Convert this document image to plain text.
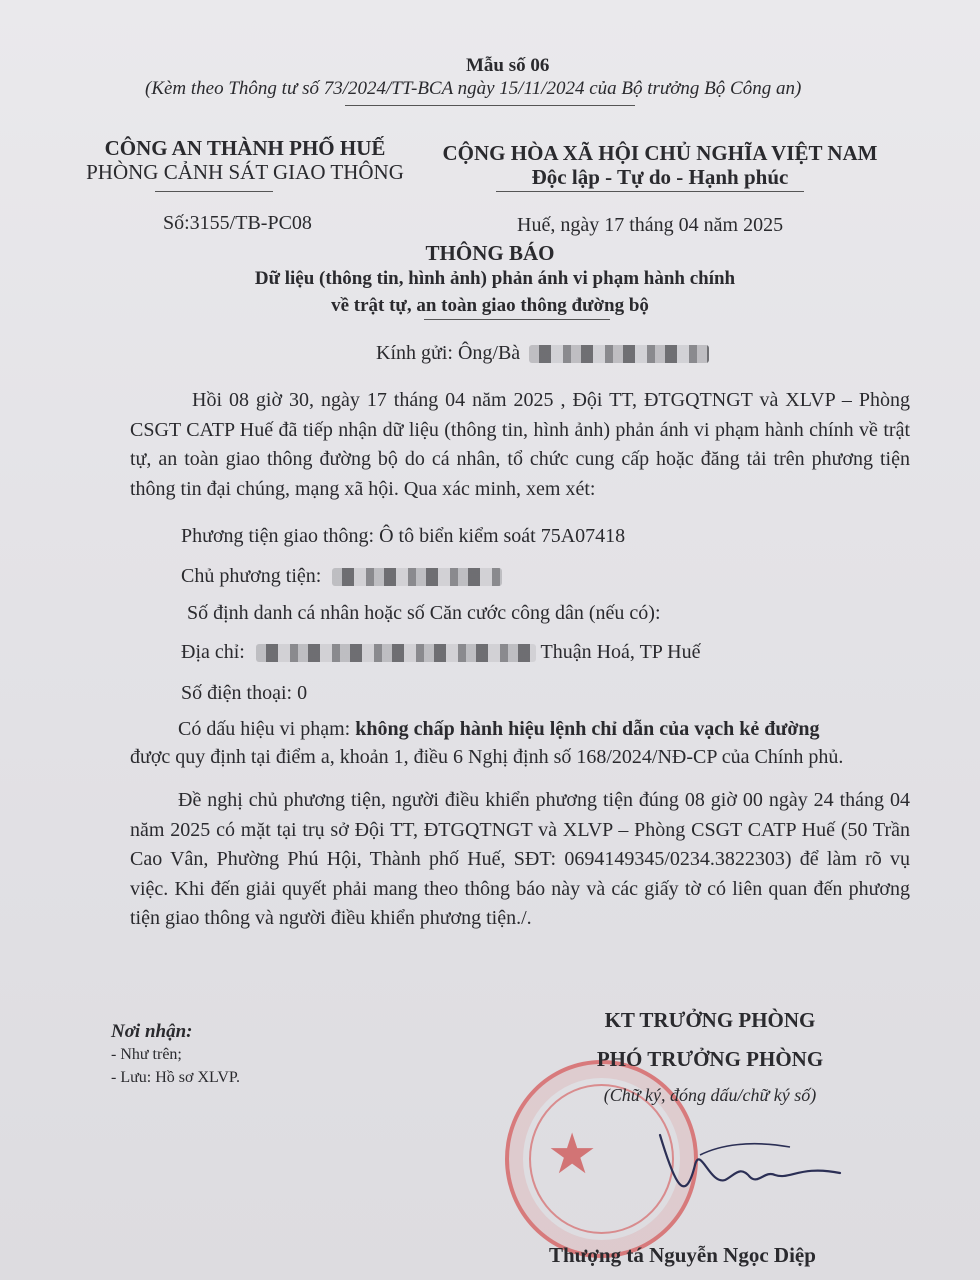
Mẫu số 06
(Kèm theo Thông tư số 73/2024/TT-BCA ngày 15/11/2024 của Bộ trưởng Bộ Công an)
CÔNG AN THÀNH PHỐ HUẾ
PHÒNG CẢNH SÁT GIAO THÔNG
Số:3155/TB-PC08
CỘNG HÒA XÃ HỘI CHỦ NGHĨA VIỆT NAM
Độc lập - Tự do - Hạnh phúc
Huế, ngày 17 tháng 04 năm 2025
THÔNG BÁO
Dữ liệu (thông tin, hình ảnh) phản ánh vi phạm hành chính
về trật tự, an toàn giao thông đường bộ
Kính gửi: Ông/Bà
Hồi 08 giờ 30, ngày 17 tháng 04 năm 2025 , Đội TT, ĐTGQTNGT và XLVP – Phòng CSGT CATP Huế đã tiếp nhận dữ liệu (thông tin, hình ảnh) phản ánh vi phạm hành chính về trật tự, an toàn giao thông đường bộ do cá nhân, tổ chức cung cấp hoặc đăng tải trên phương tiện thông tin đại chúng, mạng xã hội. Qua xác minh, xem xét:
Phương tiện giao thông: Ô tô biển kiểm soát 75A07418
Chủ phương tiện:
Số định danh cá nhân hoặc số Căn cước công dân (nếu có):
Địa chỉ:	Thuận Hoá, TP Huế
Số điện thoại: 0
Có dấu hiệu vi phạm: không chấp hành hiệu lệnh chỉ dẫn của vạch kẻ đường
được quy định tại điểm a, khoản 1, điều 6 Nghị định số 168/2024/NĐ-CP của Chính phủ.
Đề nghị chủ phương tiện, người điều khiển phương tiện đúng 08 giờ 00 ngày 24 tháng 04 năm 2025 có mặt tại trụ sở Đội TT, ĐTGQTNGT và XLVP – Phòng CSGT CATP Huế (50 Trần Cao Vân, Phường Phú Hội, Thành phố Huế, SĐT: 0694149345/0234.3822303) để làm rõ vụ việc. Khi đến giải quyết phải mang theo thông báo này và các giấy tờ có liên quan đến phương tiện giao thông và người điều khiển phương tiện./.
Nơi nhận:
- Như trên;
- Lưu: Hồ sơ XLVP.
★
KT TRƯỞNG PHÒNG
PHÓ TRƯỞNG PHÒNG
(Chữ ký, đóng dấu/chữ ký số)
Thượng tá Nguyễn Ngọc Diệp
